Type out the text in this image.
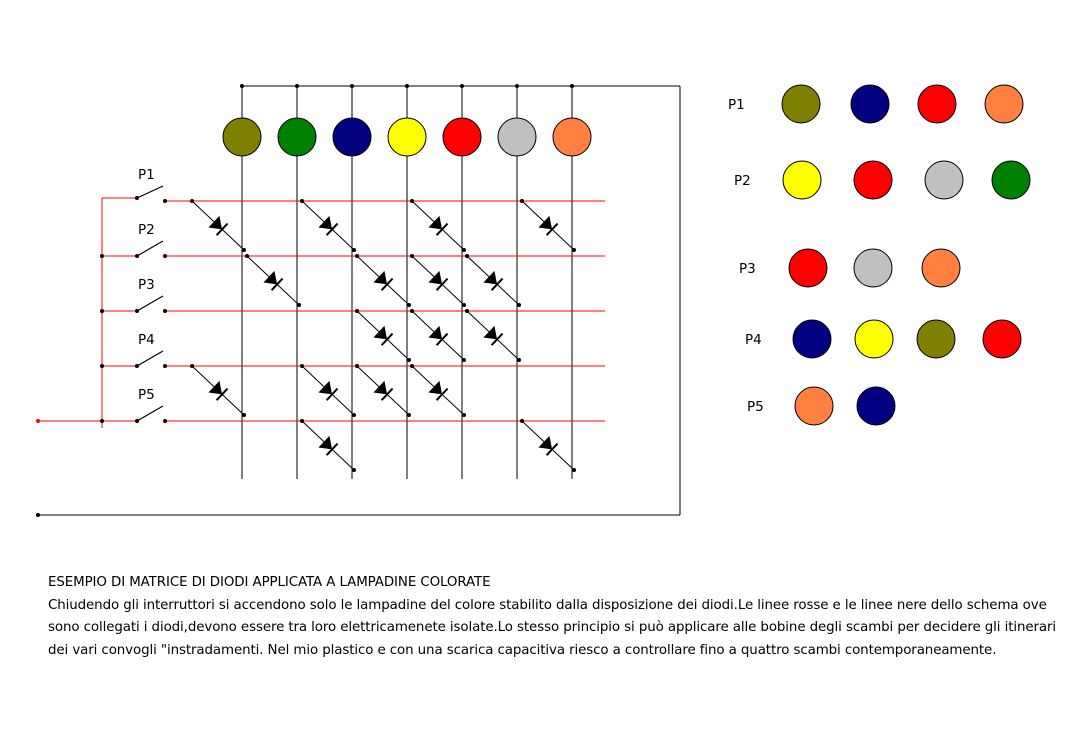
P1
P2
P3
P4
P5
P1
P2
P3
P4
P5

ESEMPIO DI MATRICE DI DIODI APPLICATA A LAMPADINE COLORATE

Chiudendo gli interruttori si accendono solo le lampadine del colore stabilito dalla disposizione dei diodi.Le linee rosse e le linee nere dello schema ove sono collegati i diodi,devono essere tra loro elettricamenete isolate.Lo stesso principio si può applicare alle bobine degli scambi per decidere gli itinerari dei vari convogli "instradamenti. Nel mio plastico e con una scarica capacitiva riesco a controllare fino a quattro scambi contemporaneamente.
